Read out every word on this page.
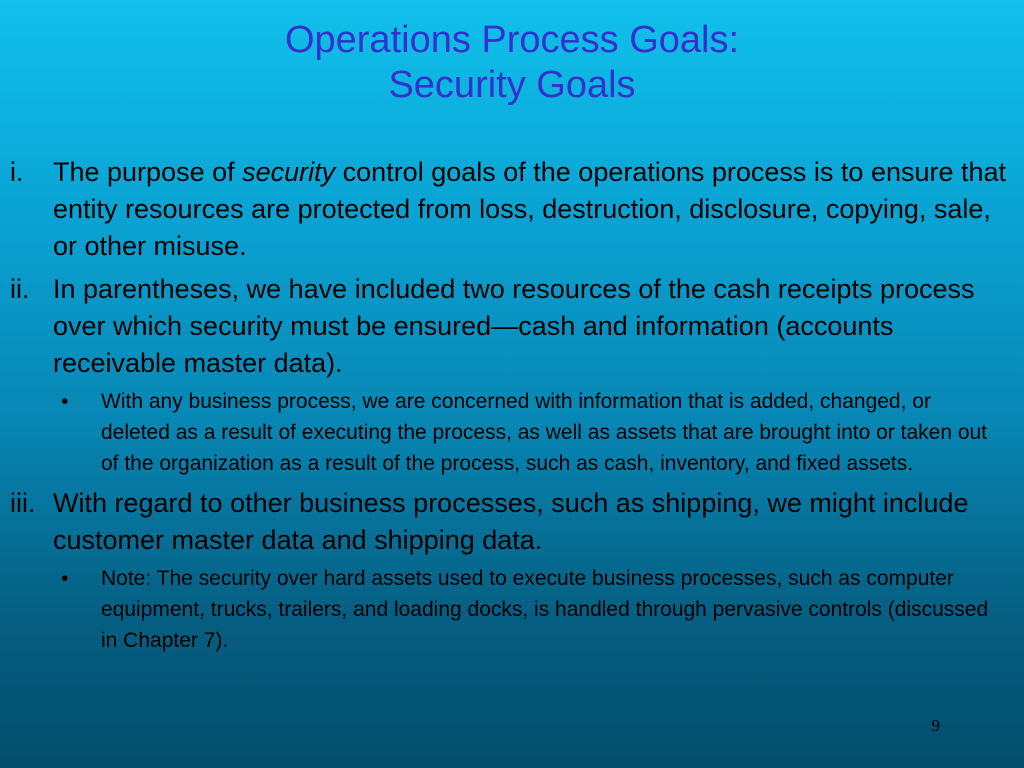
Operations Process Goals:
Security Goals
i.	The purpose of security control goals of the operations process is to ensure that entity resources are protected from loss, destruction, disclosure, copying, sale, or other misuse.
ii. In parentheses, we have included two resources of the cash receipts process over which security must be ensured—cash and information (accounts receivable master data).
•	With any business process, we are concerned with information that is added, changed, or deleted as a result of executing the process, as well as assets that are brought into or taken out of the organization as a result of the process, such as cash, inventory, and fixed assets.
iii. With regard to other business processes, such as shipping, we might include customer master data and shipping data.
•	Note: The security over hard assets used to execute business processes, such as computer equipment, trucks, trailers, and loading docks, is handled through pervasive controls (discussed in Chapter 7).
9
